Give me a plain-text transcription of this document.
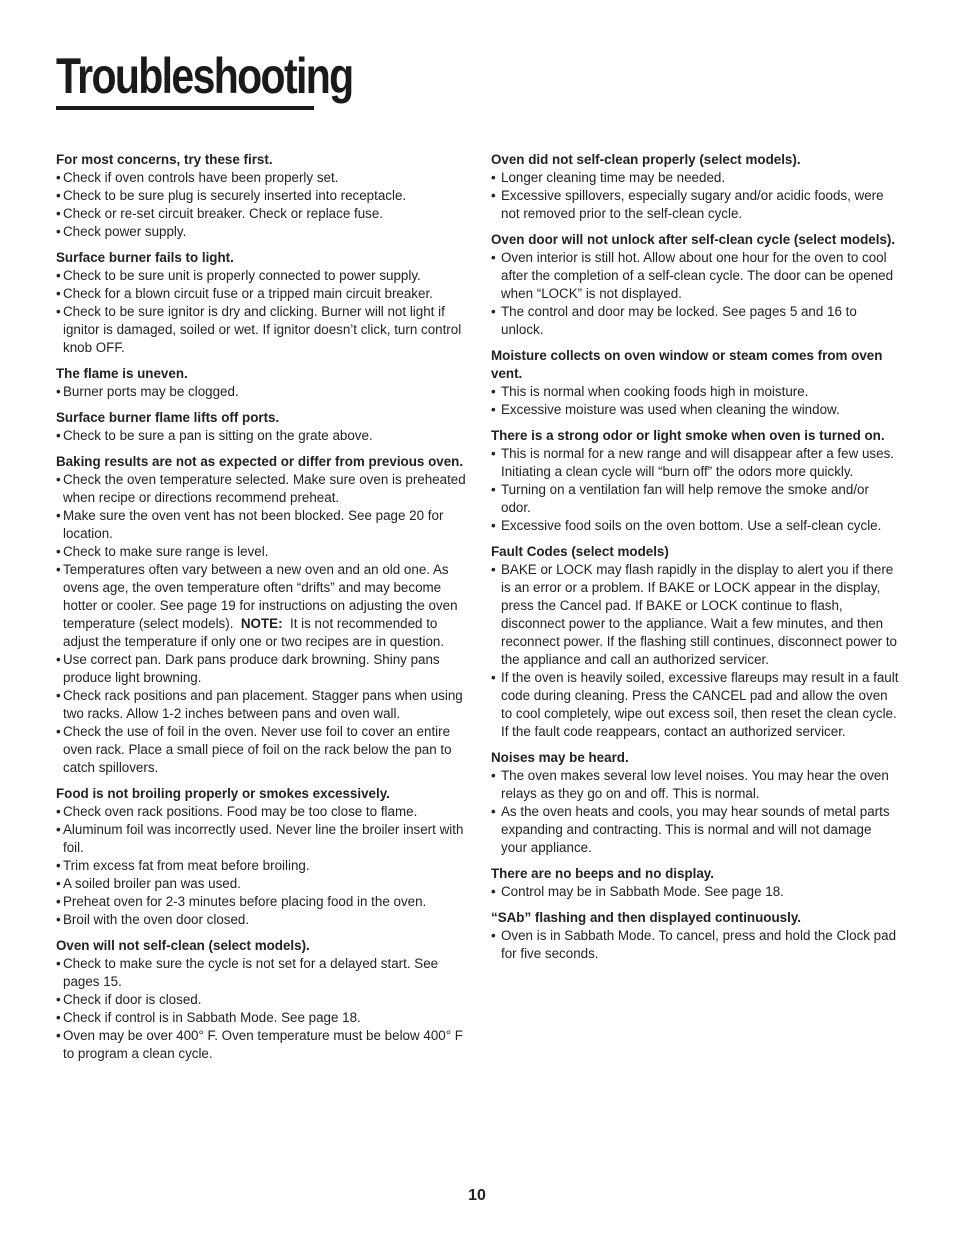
Troubleshooting

For most concerns, try these first.

• Check if oven controls have been properly set.
• Check to be sure plug is securely inserted into receptacle.
• Check or re-set circuit breaker. Check or replace fuse.
• Check power supply.

Surface burner fails to light.

• Check to be sure unit is properly connected to power supply.
• Check for a blown circuit fuse or a tripped main circuit breaker.
• Check to be sure ignitor is dry and clicking. Burner will not light if ignitor is damaged, soiled or wet. If ignitor doesn’t click, turn control knob OFF.

The flame is uneven.

• Burner ports may be clogged.

Surface burner flame lifts off ports.

• Check to be sure a pan is sitting on the grate above.

Baking results are not as expected or differ from previous oven.

• Check the oven temperature selected. Make sure oven is preheated when recipe or directions recommend preheat.
• Make sure the oven vent has not been blocked. See page 20 for location.
• Check to make sure range is level.
• Temperatures often vary between a new oven and an old one. As ovens age, the oven temperature often “drifts” and may become hotter or cooler. See page 19 for instructions on adjusting the oven temperature (select models). NOTE: It is not recommended to adjust the temperature if only one or two recipes are in question.
• Use correct pan. Dark pans produce dark browning. Shiny pans produce light browning.
• Check rack positions and pan placement. Stagger pans when using two racks. Allow 1-2 inches between pans and oven wall.
• Check the use of foil in the oven. Never use foil to cover an entire oven rack. Place a small piece of foil on the rack below the pan to catch spillovers.

Food is not broiling properly or smokes excessively.

• Check oven rack positions. Food may be too close to flame.
• Aluminum foil was incorrectly used. Never line the broiler insert with foil.
• Trim excess fat from meat before broiling.
• A soiled broiler pan was used.
• Preheat oven for 2-3 minutes before placing food in the oven.
• Broil with the oven door closed.

Oven will not self-clean (select models).

• Check to make sure the cycle is not set for a delayed start. See pages 15.
• Check if door is closed.
• Check if control is in Sabbath Mode. See page 18.
• Oven may be over 400° F. Oven temperature must be below 400° F to program a clean cycle.

Oven did not self-clean properly (select models).

• Longer cleaning time may be needed.
• Excessive spillovers, especially sugary and/or acidic foods, were not removed prior to the self-clean cycle.

Oven door will not unlock after self-clean cycle (select models).

• Oven interior is still hot. Allow about one hour for the oven to cool after the completion of a self-clean cycle. The door can be opened when “LOCK” is not displayed.
• The control and door may be locked. See pages 5 and 16 to unlock.

Moisture collects on oven window or steam comes from oven vent.

• This is normal when cooking foods high in moisture.
• Excessive moisture was used when cleaning the window.

There is a strong odor or light smoke when oven is turned on.

• This is normal for a new range and will disappear after a few uses. Initiating a clean cycle will “burn off” the odors more quickly.
• Turning on a ventilation fan will help remove the smoke and/or odor.
• Excessive food soils on the oven bottom. Use a self-clean cycle.

Fault Codes (select models)

• BAKE or LOCK may flash rapidly in the display to alert you if there is an error or a problem. If BAKE or LOCK appear in the display, press the Cancel pad. If BAKE or LOCK continue to flash, disconnect power to the appliance. Wait a few minutes, and then reconnect power. If the flashing still continues, disconnect power to the appliance and call an authorized servicer.
• If the oven is heavily soiled, excessive flareups may result in a fault code during cleaning. Press the CANCEL pad and allow the oven to cool completely, wipe out excess soil, then reset the clean cycle. If the fault code reappears, contact an authorized servicer.

Noises may be heard.

• The oven makes several low level noises. You may hear the oven relays as they go on and off. This is normal.
• As the oven heats and cools, you may hear sounds of metal parts expanding and contracting. This is normal and will not damage your appliance.

There are no beeps and no display.

• Control may be in Sabbath Mode. See page 18.

“SAb” flashing and then displayed continuously.

• Oven is in Sabbath Mode. To cancel, press and hold the Clock pad for five seconds.
10
